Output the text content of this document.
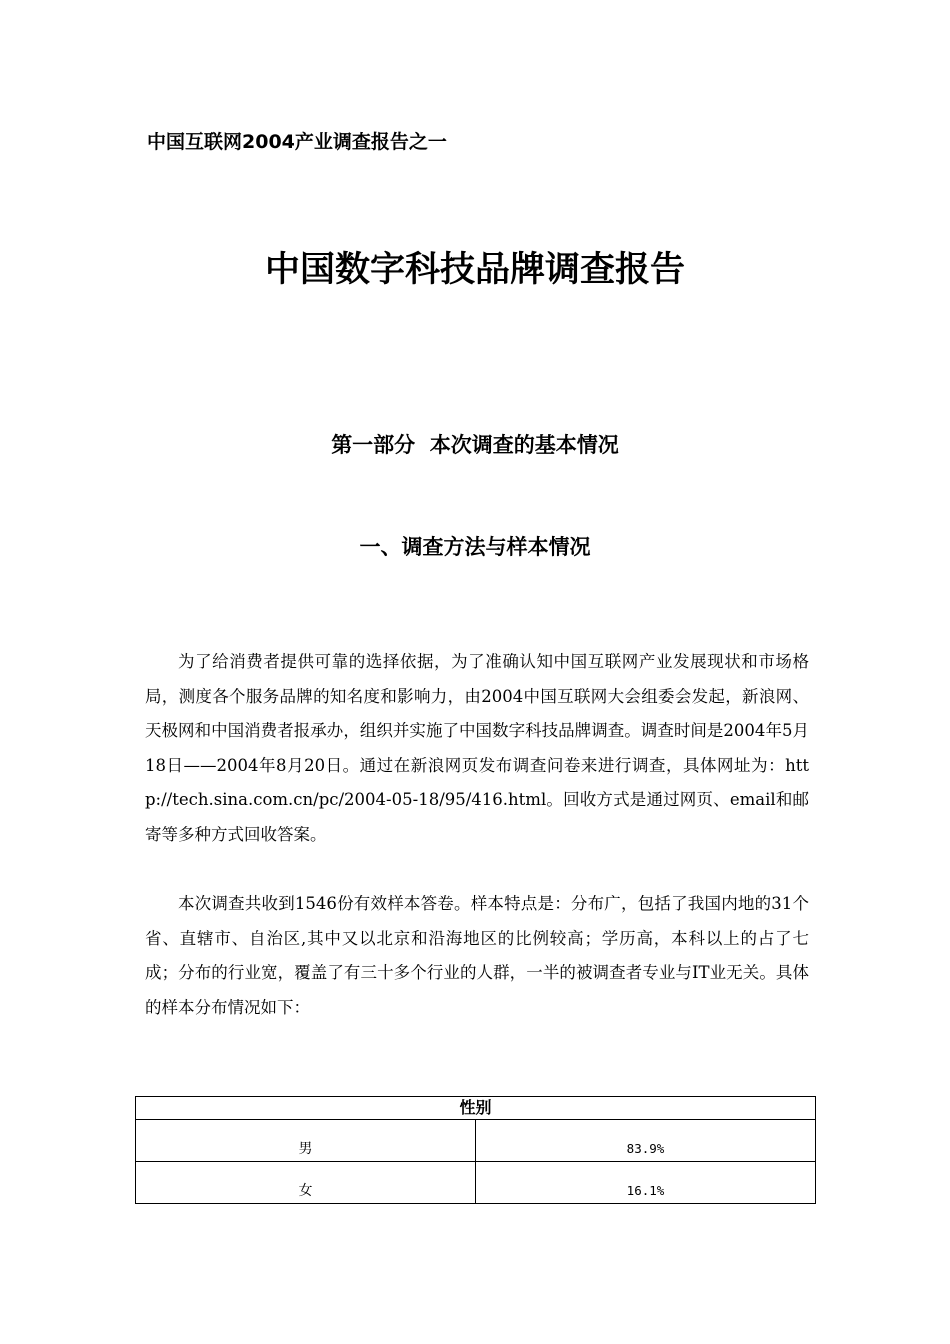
中国互联网2004产业调查报告之一
中国数字科技品牌调查报告
第一部分  本次调查的基本情况
一、调查方法与样本情况

为了给消费者提供可靠的选择依据，为了准确认知中国互联网产业发展现状和市场格局，测度各个服务品牌的知名度和影响力，由2004中国互联网大会组委会发起，新浪网、天极网和中国消费者报承办，组织并实施了中国数字科技品牌调查。调查时间是2004年5月18日——2004年8月20日。通过在新浪网页发布调查问卷来进行调查，具体网址为：http://tech.sina.com.cn/pc/2004-05-18/95/416.html。回收方式是通过网页、email和邮寄等多种方式回收答案。

本次调查共收到1546份有效样本答卷。样本特点是：分布广，包括了我国内地的31个省、直辖市、自治区,其中又以北京和沿海地区的比例较高；学历高，本科以上的占了七成；分布的行业宽，覆盖了有三十多个行业的人群，一半的被调查者专业与IT业无关。具体的样本分布情况如下：

性别	

男	83.9%

女	16.1%
